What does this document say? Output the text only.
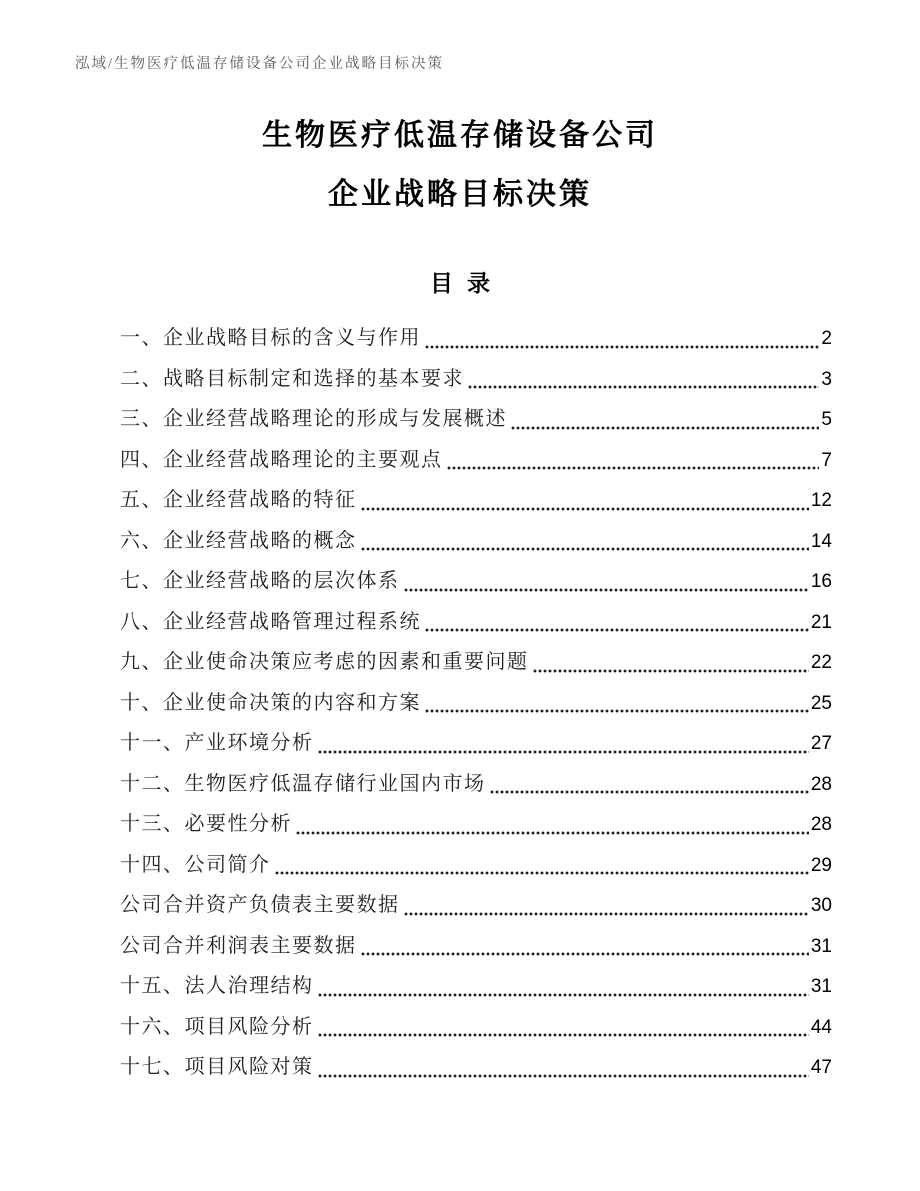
泓域/生物医疗低温存储设备公司企业战略目标决策
生物医疗低温存储设备公司
企业战略目标决策
目录
一、企业战略目标的含义与作用	2
二、战略目标制定和选择的基本要求	3
三、企业经营战略理论的形成与发展概述	5
四、企业经营战略理论的主要观点	7
五、企业经营战略的特征	12
六、企业经营战略的概念	14
七、企业经营战略的层次体系	16
八、企业经营战略管理过程系统	21
九、企业使命决策应考虑的因素和重要问题	22
十、企业使命决策的内容和方案	25
十一、产业环境分析	27
十二、生物医疗低温存储行业国内市场	28
十三、必要性分析	28
十四、公司简介	29
公司合并资产负债表主要数据	30
公司合并利润表主要数据	31
十五、法人治理结构	31
十六、项目风险分析	44
十七、项目风险对策	47
